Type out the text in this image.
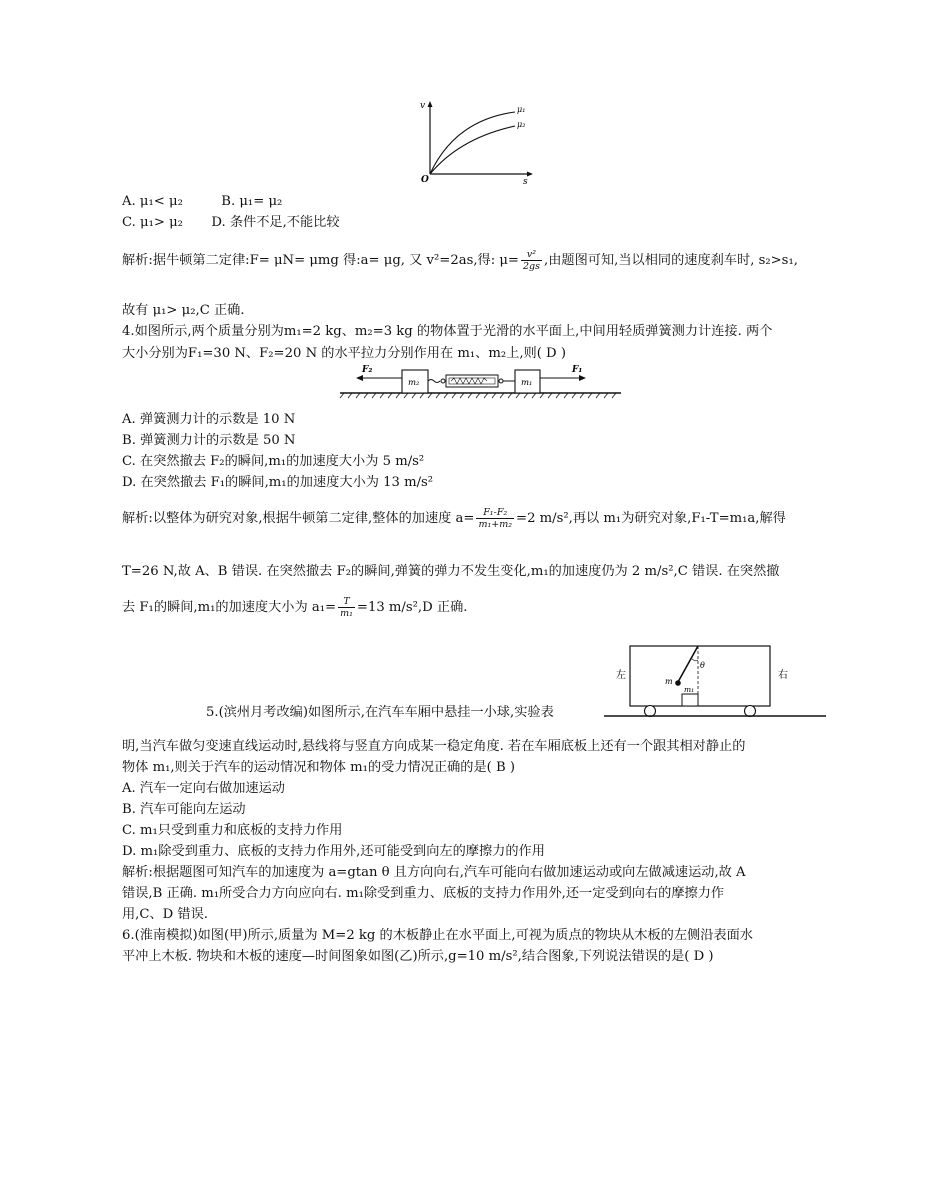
v	μ₁
μ₂
O	s
A. μ₁< μ₂	B. μ₁= μ₂
C. μ₁> μ₂ D. 条件不足,不能比较
解析:据牛顿第二定律:F= μN= μmg 得:a= μg, 又 v²=2as,得: $\mu= \frac{\text{v²}}{2gs}$ ,由题图可知,当以相同的速度刹车时, s₂>s₁,
故有 μ₁> μ₂,C 正确.
4.如图所示,两个质量分别为m₁=2 kg、m₂=3 kg 的物体置于光滑的水平面上,中间用轻质弹簧测力计连接. 两个
大小分别为F₁=30 N、F₂=20 N 的水平拉力分别作用在 m₁、m₂上,则( D )
F₂
m₂	m₁
F₁
A. 弹簧测力计的示数是 10 N
B. 弹簧测力计的示数是 50 N
C. 在突然撤去 F₂的瞬间,m₁的加速度大小为 5 m/s²
D. 在突然撤去 F₁的瞬间,m₁的加速度大小为 13 m/s²
解析:以整体为研究对象,根据牛顿第二定律,整体的加速度 $a= \frac{\text{F₁-F₂}}{\text{m₁+m₂}} =2$ m/s²,再以 m₁为研究对象,F₁-T=m₁a,解得
T=26 N,故 A、B 错误. 在突然撤去 F₂的瞬间,弹簧的弹力不发生变化,m₁的加速度仍为 2 m/s²,C 错误. 在突然撤
去 F₁的瞬间,m₁的加速度大小为 $a_1= \frac{T}{\text{m₁}} =13$ m/s²,D 正确.
m
θ
m₁
左	右
5.(滨州月考改编)如图所示,在汽车车厢中悬挂一小球,实验表
明,当汽车做匀变速直线运动时,悬线将与竖直方向成某一稳定角度. 若在车厢底板上还有一个跟其相对静止的
物体 m₁,则关于汽车的运动情况和物体 m₁的受力情况正确的是( B )
A. 汽车一定向右做加速运动
B. 汽车可能向左运动
C. m₁只受到重力和底板的支持力作用
D. m₁除受到重力、底板的支持力作用外,还可能受到向左的摩擦力的作用
解析:根据题图可知汽车的加速度为 a=gtan θ 且方向向右,汽车可能向右做加速运动或向左做减速运动,故 A
错误,B 正确. m₁所受合力方向应向右. m₁除受到重力、底板的支持力作用外,还一定受到向右的摩擦力作
用,C、D 错误.
6.(淮南模拟)如图(甲)所示,质量为 M=2 kg 的木板静止在水平面上,可视为质点的物块从木板的左侧沿表面水
平冲上木板. 物块和木板的速度—时间图象如图(乙)所示,g=10 m/s²,结合图象,下列说法错误的是( D )
